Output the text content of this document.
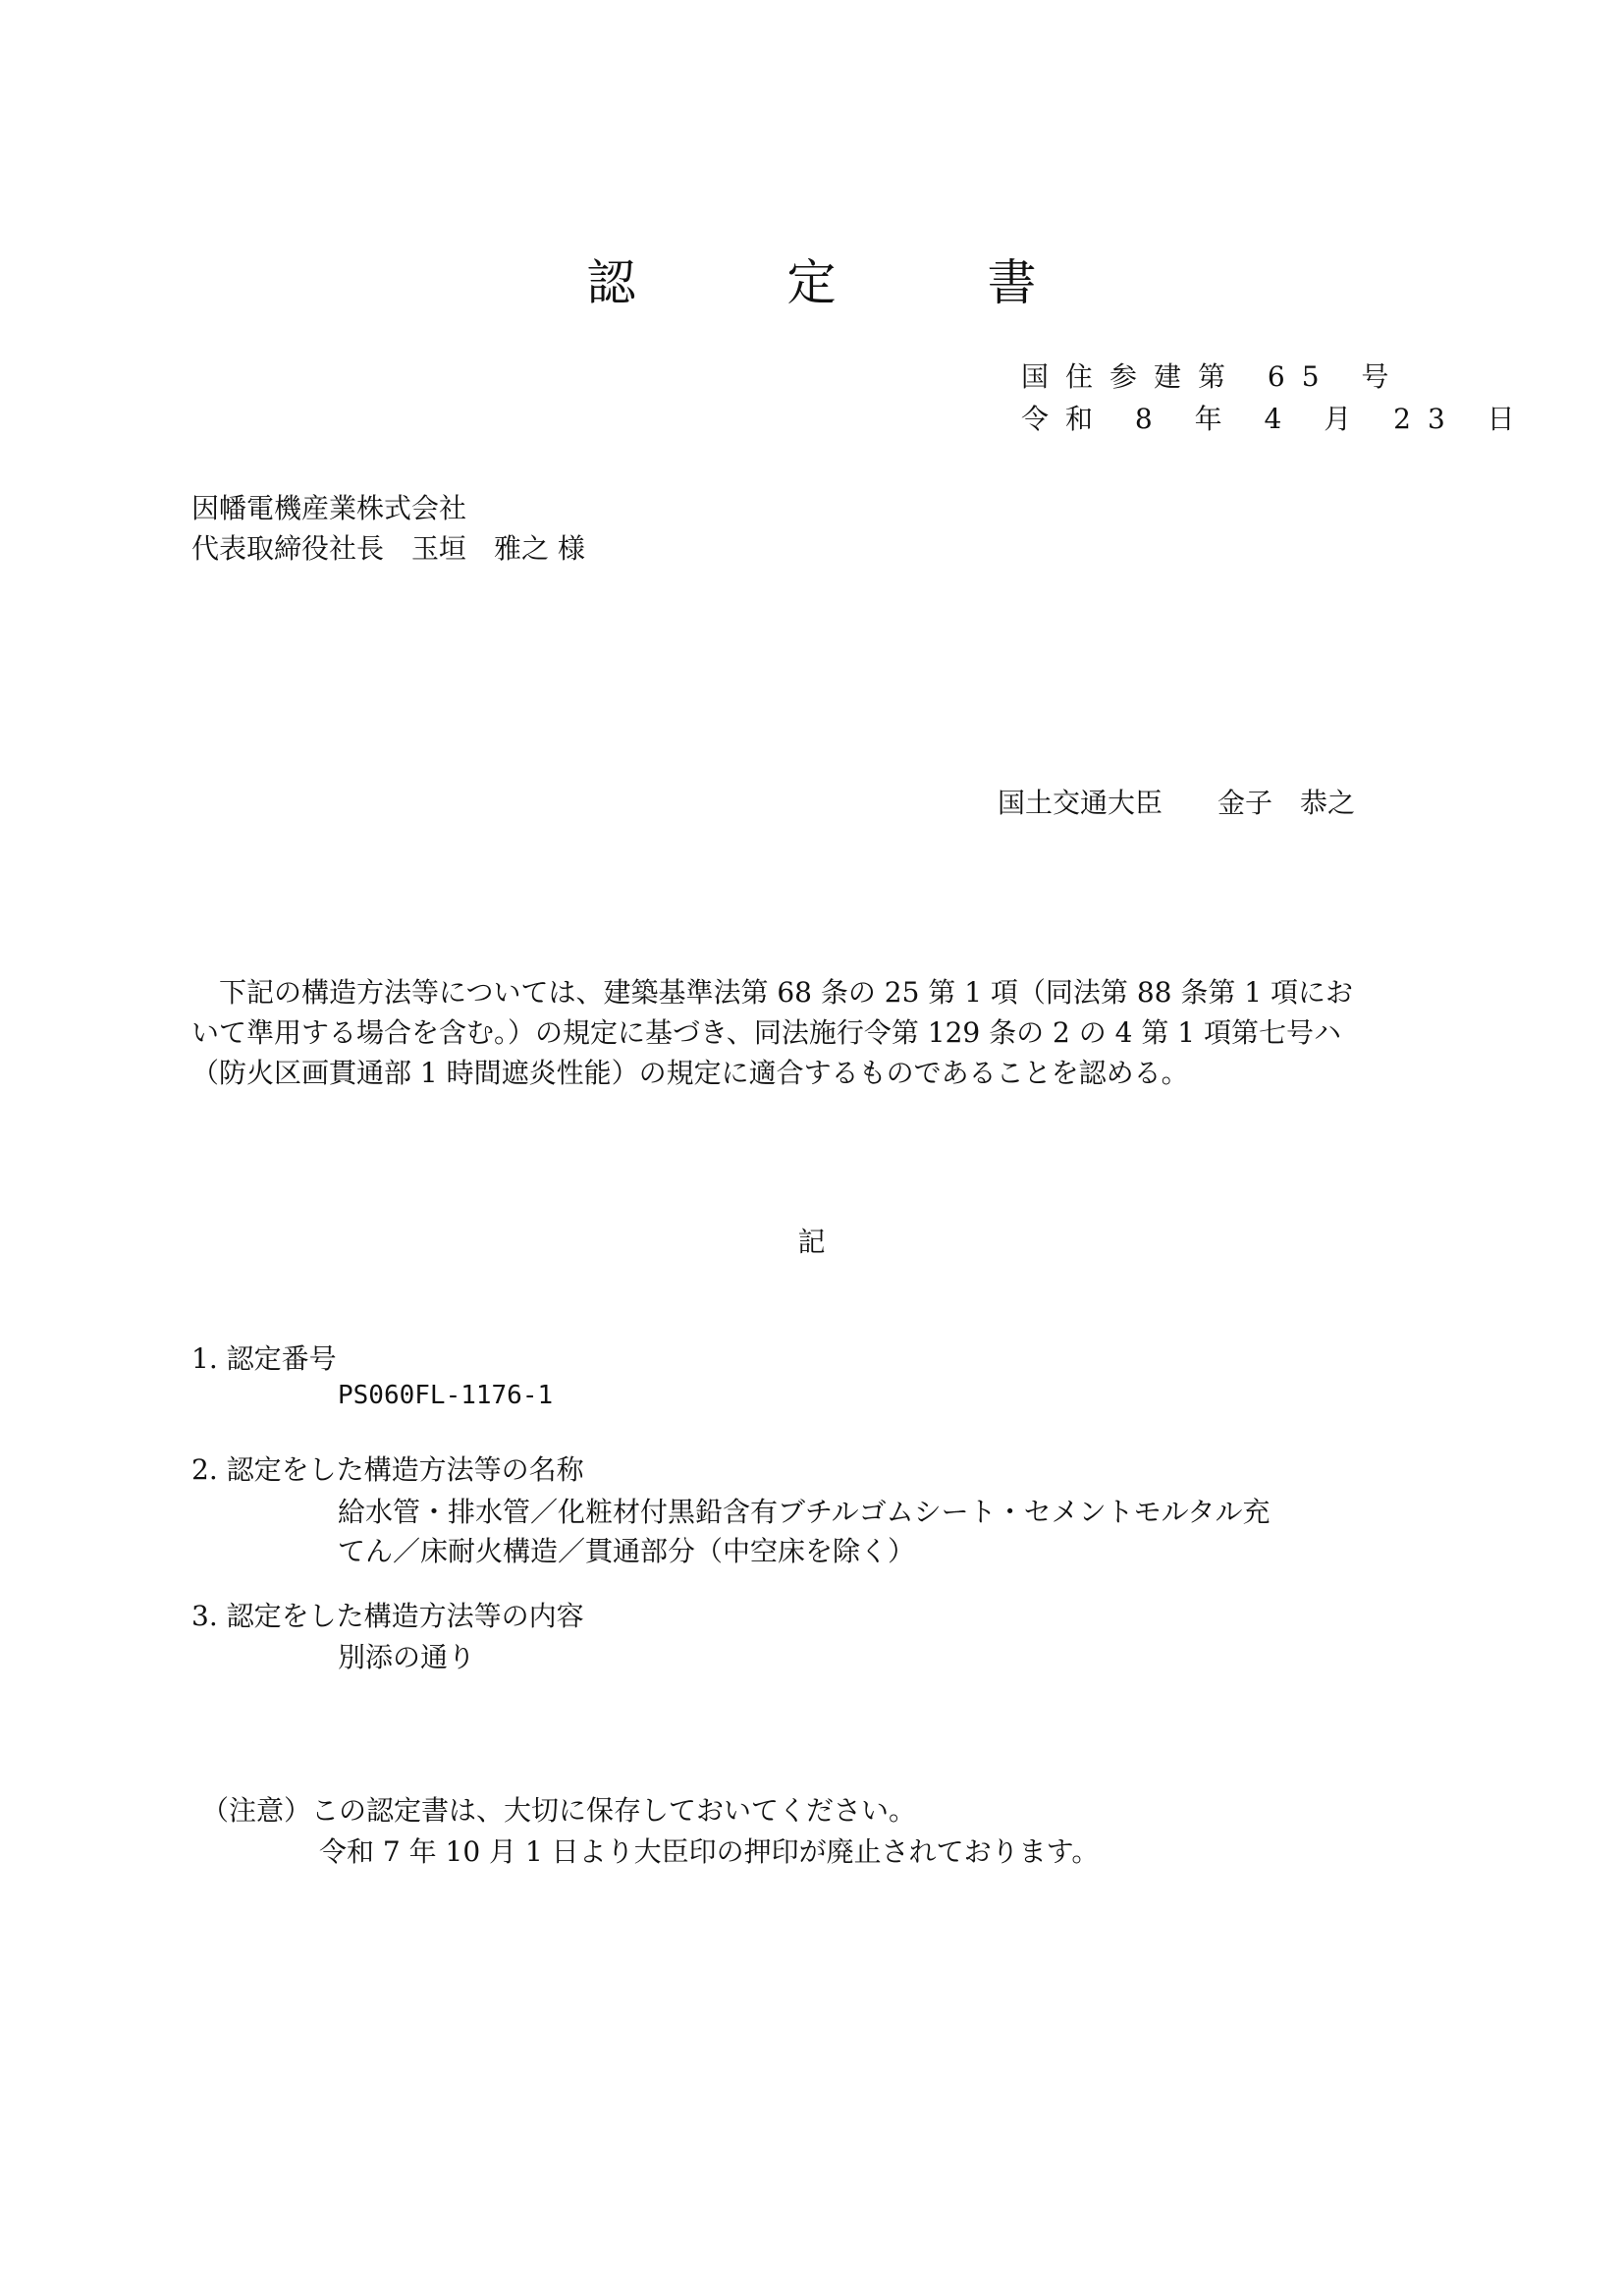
認　定　書
国住参建第 65 号
令和 8 年 4 月 23 日
因幡電機産業株式会社
代表取締役社長　玉垣　雅之 様
国土交通大臣　　金子　恭之
　下記の構造方法等については、建築基準法第 68 条の 25 第 1 項（同法第 88 条第 1 項にお
いて準用する場合を含む。）の規定に基づき、同法施行令第 129 条の 2 の 4 第 1 項第七号ハ
（防火区画貫通部 1 時間遮炎性能）の規定に適合するものであることを認める。
記
1. 認定番号
PS060FL-1176-1
2. 認定をした構造方法等の名称
給水管・排水管／化粧材付黒鉛含有ブチルゴムシート・セメントモルタル充
てん／床耐火構造／貫通部分（中空床を除く）
3. 認定をした構造方法等の内容
別添の通り
（注意）この認定書は、大切に保存しておいてください。
令和 7 年 10 月 1 日より大臣印の押印が廃止されております。
